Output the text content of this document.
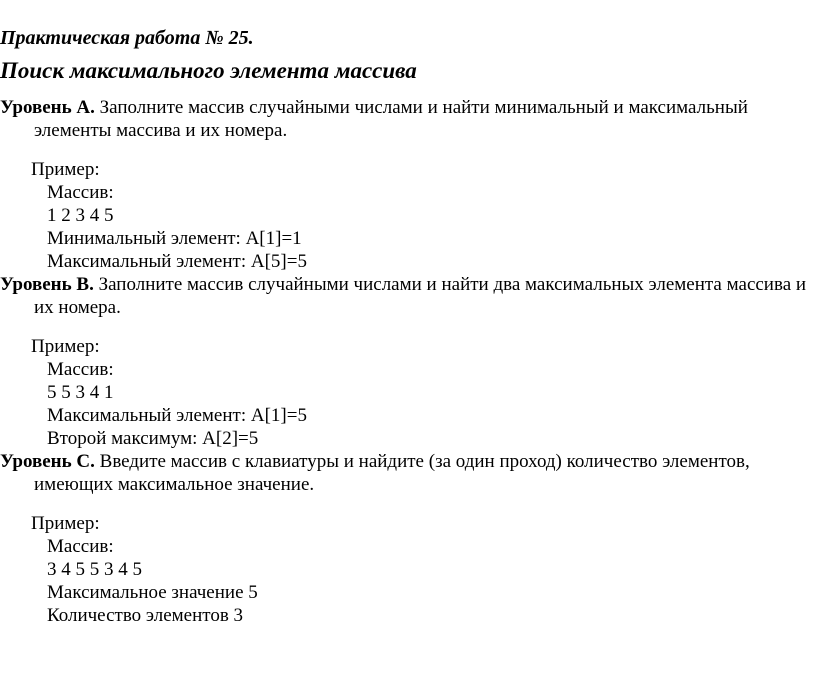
Практическая работа № 25.
Поиск максимального элемента массива

Уровень A. Заполните массив случайными числами и найти минимальный и максимальный элементы массива и их номера.

Пример:
Массив:
1 2 3 4 5
Минимальный элемент: A[1]=1
Максимальный элемент: A[5]=5

Уровень B. Заполните массив случайными числами и найти два максимальных элемента массива и их номера.

Пример:
Массив:
5 5 3 4 1
Максимальный элемент: A[1]=5
Второй максимум: A[2]=5

Уровень C. Введите массив с клавиатуры и найдите (за один проход) количество элементов, имеющих максимальное значение.

Пример:
Массив:
3 4 5 5 3 4 5
Максимальное значение 5
Количество элементов 3
